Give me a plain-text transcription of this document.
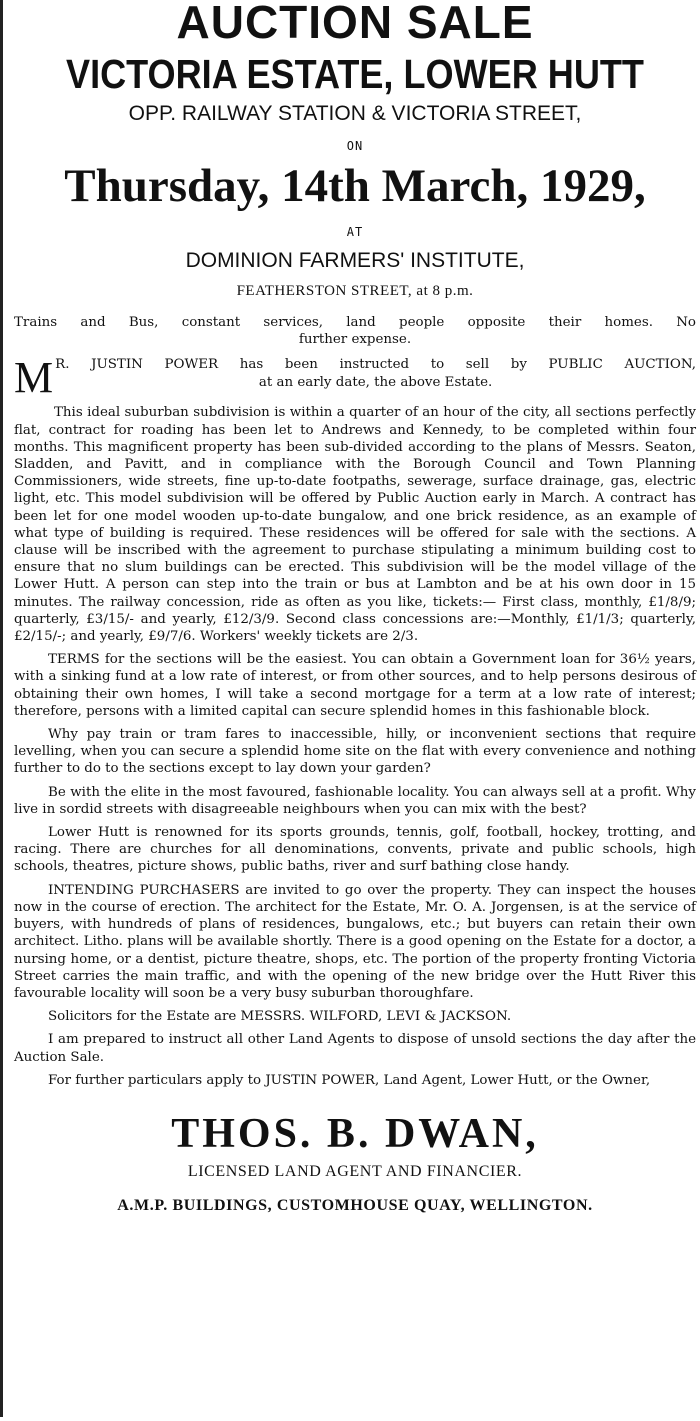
AUCTION SALE
VICTORIA ESTATE, LOWER HUTT
OPP. RAILWAY STATION & VICTORIA STREET,
ON
Thursday, 14th March, 1929,
AT
DOMINION FARMERS' INSTITUTE,
FEATHERSTON STREET, at 8 p.m.
Trains and Bus, constant services, land people opposite their homes. No
further expense.
M R. JUSTIN POWER has been instructed to sell by PUBLIC AUCTION,
at an early date, the above Estate.

This ideal suburban subdivision is within a quarter of an hour of the city, all sections perfectly flat, contract for roading has been let to Andrews and Kennedy, to be completed within four months. This magnificent property has been sub-divided according to the plans of Messrs. Seaton, Sladden, and Pavitt, and in compliance with the Borough Council and Town Planning Commissioners, wide streets, fine up-to-date footpaths, sewerage, surface drainage, gas, electric light, etc. This model subdivision will be offered by Public Auction early in March. A contract has been let for one model wooden up-to-date bungalow, and one brick residence, as an example of what type of building is required. These residences will be offered for sale with the sections. A clause will be inscribed with the agreement to purchase stipulating a minimum building cost to ensure that no slum buildings can be erected. This subdivision will be the model village of the Lower Hutt. A person can step into the train or bus at Lambton and be at his own door in 15 minutes. The railway concession, ride as often as you like, tickets:— First class, monthly, £1/8/9; quarterly, £3/15/- and yearly, £12/3/9. Second class concessions are:—Monthly, £1/1/3; quarterly, £2/15/-; and yearly, £9/7/6. Workers' weekly tickets are 2/3.

TERMS for the sections will be the easiest. You can obtain a Government loan for 36½ years, with a sinking fund at a low rate of interest, or from other sources, and to help persons desirous of obtaining their own homes, I will take a second mortgage for a term at a low rate of interest; therefore, persons with a limited capital can secure splendid homes in this fashionable block.

Why pay train or tram fares to inaccessible, hilly, or inconvenient sections that require levelling, when you can secure a splendid home site on the flat with every convenience and nothing further to do to the sections except to lay down your garden?

Be with the elite in the most favoured, fashionable locality. You can always sell at a profit. Why live in sordid streets with disagreeable neighbours when you can mix with the best?

Lower Hutt is renowned for its sports grounds, tennis, golf, football, hockey, trotting, and racing. There are churches for all denominations, convents, private and public schools, high schools, theatres, picture shows, public baths, river and surf bathing close handy.

INTENDING PURCHASERS are invited to go over the property. They can inspect the houses now in the course of erection. The architect for the Estate, Mr. O. A. Jorgensen, is at the service of buyers, with hundreds of plans of residences, bungalows, etc.; but buyers can retain their own architect. Litho. plans will be available shortly. There is a good opening on the Estate for a doctor, a nursing home, or a dentist, picture theatre, shops, etc. The portion of the property fronting Victoria Street carries the main traffic, and with the opening of the new bridge over the Hutt River this favourable locality will soon be a very busy suburban thoroughfare.

Solicitors for the Estate are MESSRS. WILFORD, LEVI & JACKSON.

I am prepared to instruct all other Land Agents to dispose of unsold sections the day after the Auction Sale.

For further particulars apply to JUSTIN POWER, Land Agent, Lower Hutt, or the Owner,

THOS. B. DWAN,
LICENSED LAND AGENT AND FINANCIER.
A.M.P. BUILDINGS, CUSTOMHOUSE QUAY, WELLINGTON.
